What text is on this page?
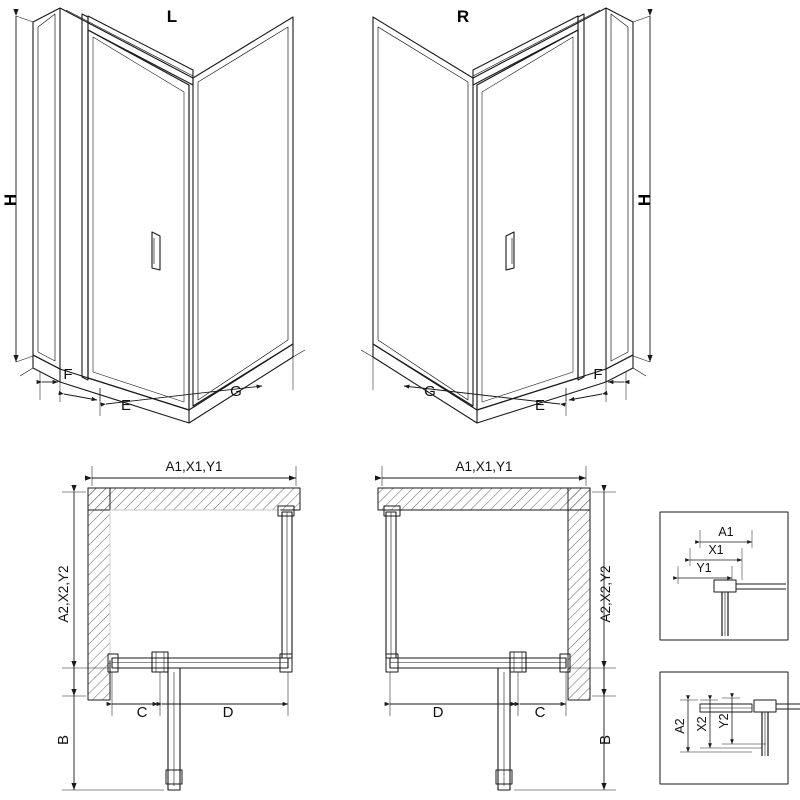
L	R
H	H
F
E
G
F
E
G
A1,X1,Y1	A1,X1,Y1
A2,X2,Y2	A2,X2,Y2
C	D	D	C
B	B
A1
X1
Y1
A2 X2 Y2
